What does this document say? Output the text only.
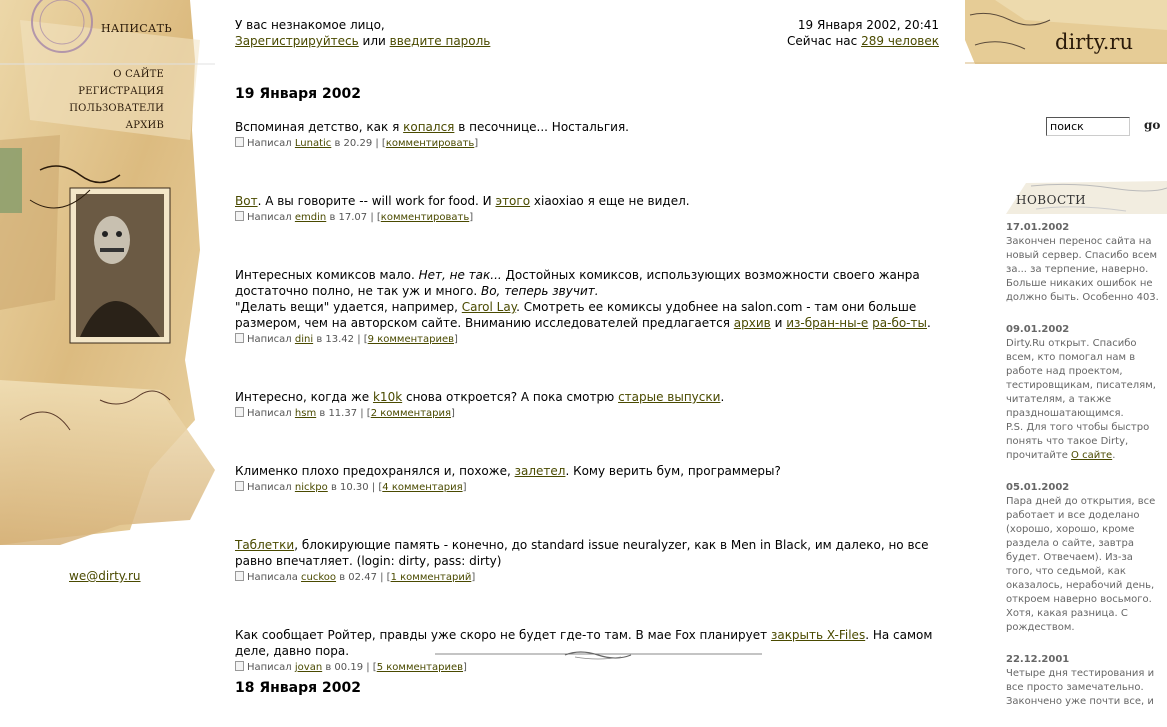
НАПИСАТЬ
О САЙТЕ
РЕГИСТРАЦИЯ
ПОЛЬЗОВАТЕЛИ
АРХИВ
we@dirty.ru
У вас незнакомое лицо,
Зарегистрируйтесь или введите пароль
19 Января 2002, 20:41
Сейчас нас 289 человек	dirty.ru
19 Января 2002
Вспоминая детство, как я копался в песочнице... Ностальгия.
Написал Lunatic в 20.29 | [комментировать]
Вот. А вы говорите -- will work for food. И этого xiaoxiao я еще не видел.
Написал emdin в 17.07 | [комментировать]
Интересных комиксов мало. Нет, не так... Достойных комиксов, использующих возможности своего жанра достаточно полно, не так уж и много. Во, теперь звучит.
"Делать вещи" удается, например, Carol Lay. Смотреть ее комиксы удобнее на salon.com - там они больше размером, чем на авторском сайте. Вниманию исследователей предлагается архив и из-бран-ны-е ра-бо-ты.
Написал dini в 13.42 | [9 комментариев]
Интересно, когда же k10k снова откроется? А пока смотрю старые выпуски.
Написал hsm в 11.37 | [2 комментария]
Клименко плохо предохранялся и, похоже, залетел. Кому верить бум, программеры?
Написал nickpo в 10.30 | [4 комментария]
Таблетки, блокирующие память - конечно, до standard issue neuralyzer, как в Men in Black, им далеко, но все равно впечатляет. (login: dirty, pass: dirty)
Написала cuckoo в 02.47 | [1 комментарий]
Как сообщает Ройтер, правды уже скоро не будет где-то там. В мае Fox планирует закрыть X-Files. На самом деле, давно пора.
Написал jovan в 00.19 | [5 комментариев]
18 Января 2002
поиск
go
НОВОСТИ
17.01.2002
Закончен перенос сайта на новый сервер. Спасибо всем за... за терпение, наверно. Больше никаких ошибок не должно быть. Особенно 403.
09.01.2002
Dirty.Ru открыт. Спасибо всем, кто помогал нам в работе над проектом, тестировщикам, писателям, читателям, а также праздношатающимся.
P.S. Для того чтобы быстро понять что такое Dirty, прочитайте О сайте.
05.01.2002
Пара дней до открытия, все работает и все доделано (хорошо, хорошо, кроме раздела о сайте, завтра будет. Отвечаем). Из-за того, что седьмой, как оказалось, нерабочий день, откроем наверно восьмого. Хотя, какая разница. С рождеством.
22.12.2001
Четыре дня тестирования и все просто замечательно. Закончено уже почти все, и
